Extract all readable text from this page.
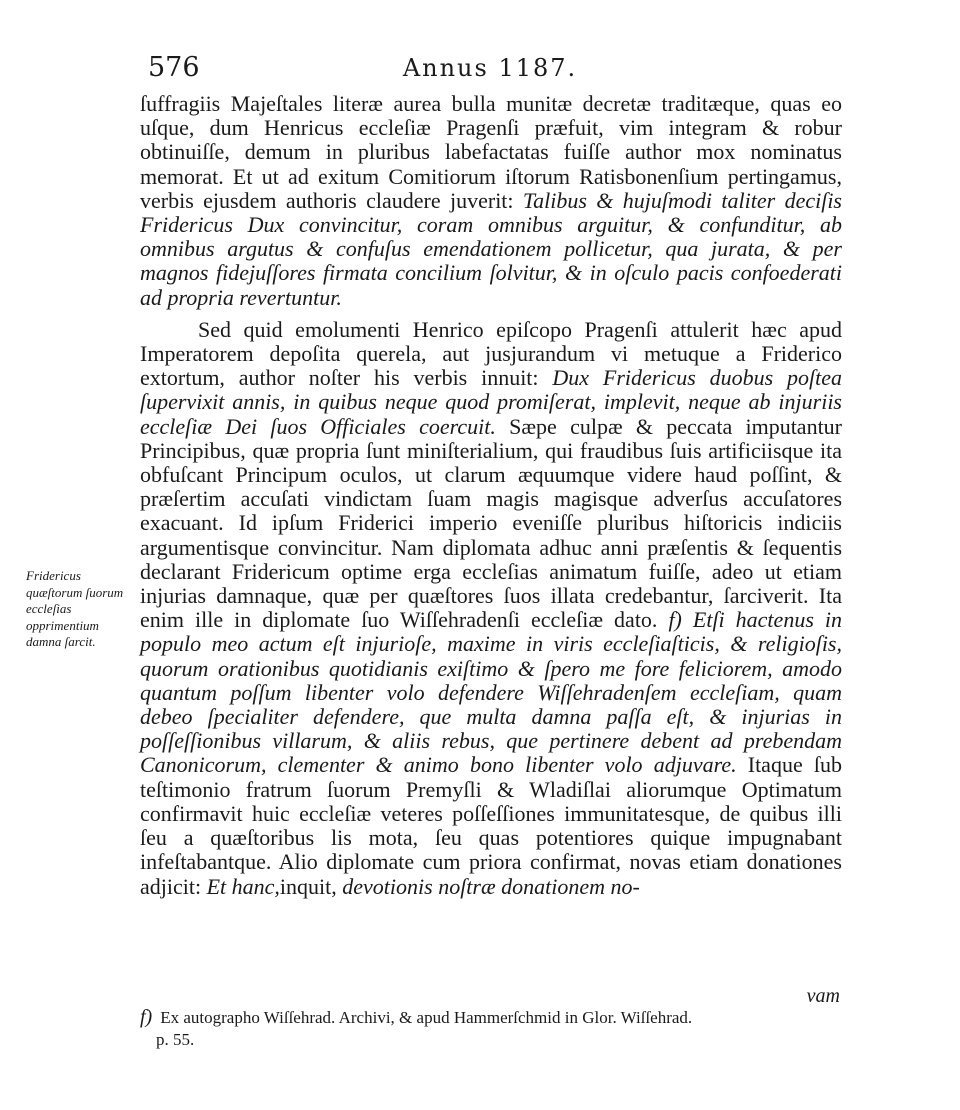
576	Annus 1187.

ſuffragiis Majeſtales literæ aurea bulla munitæ decretæ traditæque, quas eo uſque, dum Henricus eccleſiæ Pragenſi præfuit, vim integram & robur obtinuiſſe, demum in pluribus labefactatas fuiſſe author mox nominatus memorat. Et ut ad exitum Comitiorum iſtorum Ratisbonenſium pertingamus, verbis ejusdem authoris claudere juverit: Talibus & hujuſmodi taliter deciſis Fridericus Dux convincitur, coram omnibus arguitur, & confunditur, ab omnibus argutus & confuſus emendationem pollicetur, qua jurata, & per magnos fidejuſſores firmata concilium ſolvitur, & in oſculo pacis confoederati ad propria revertuntur.

Sed quid emolumenti Henrico epiſcopo Pragenſi attulerit hæc apud Imperatorem depoſita querela, aut jusjurandum vi metuque a Friderico extortum, author noſter his verbis innuit: Dux Fridericus duobus poſtea ſupervixit annis, in quibus neque quod promiſerat, implevit, neque ab injuriis eccleſiæ Dei ſuos Officiales coercuit. Sæpe culpæ & peccata imputantur Principibus, quæ propria ſunt miniſterialium, qui fraudibus ſuis artificiisque ita obfuſcant Principum oculos, ut clarum æquumque videre haud poſſint, & præſertim accuſati vindictam ſuam magis magisque adverſus accuſatores exacuant. Id ipſum Friderici imperio eveniſſe pluribus hiſtoricis indiciis argumentisque convincitur. Nam diplomata adhuc anni præſentis & ſequentis declarant Fridericum optime erga eccleſias animatum fuiſſe, adeo ut etiam injurias damnaque, quæ per quæſtores ſuos illata credebantur, ſarciverit. Ita enim ille in diplomate ſuo Wiſſehradenſi eccleſiæ dato. f) Etſi hactenus in populo meo actum eſt injurioſe, maxime in viris eccleſiaſticis, & religioſis, quorum orationibus quotidianis exiſtimo & ſpero me fore feliciorem, amodo quantum poſſum libenter volo defendere Wiſſehradenſem eccleſiam, quam debeo ſpecialiter defendere, que multa damna paſſa eſt, & injurias in poſſeſſionibus villarum, & aliis rebus, que pertinere debent ad prebendam Canonicorum, clementer & animo bono libenter volo adjuvare. Itaque ſub teſtimonio fratrum ſuorum Premyſli & Wladiſlai aliorumque Optimatum confirmavit huic eccleſiæ veteres poſſeſſiones immunitatesque, de quibus illi ſeu a quæſtoribus lis mota, ſeu quas potentiores quique impugnabant infeſtabantque. Alio diplomate cum priora confirmat, novas etiam donationes adjicit: Et hanc,inquit, devotionis noſtræ donationem no-

Fridericus quæſtorum ſuorum eccleſias opprimentium damna ſarcit.
vam
f) Ex autographo Wiſſehrad. Archivi, & apud Hammerſchmid in Glor. Wiſſehrad.
p. 55.
